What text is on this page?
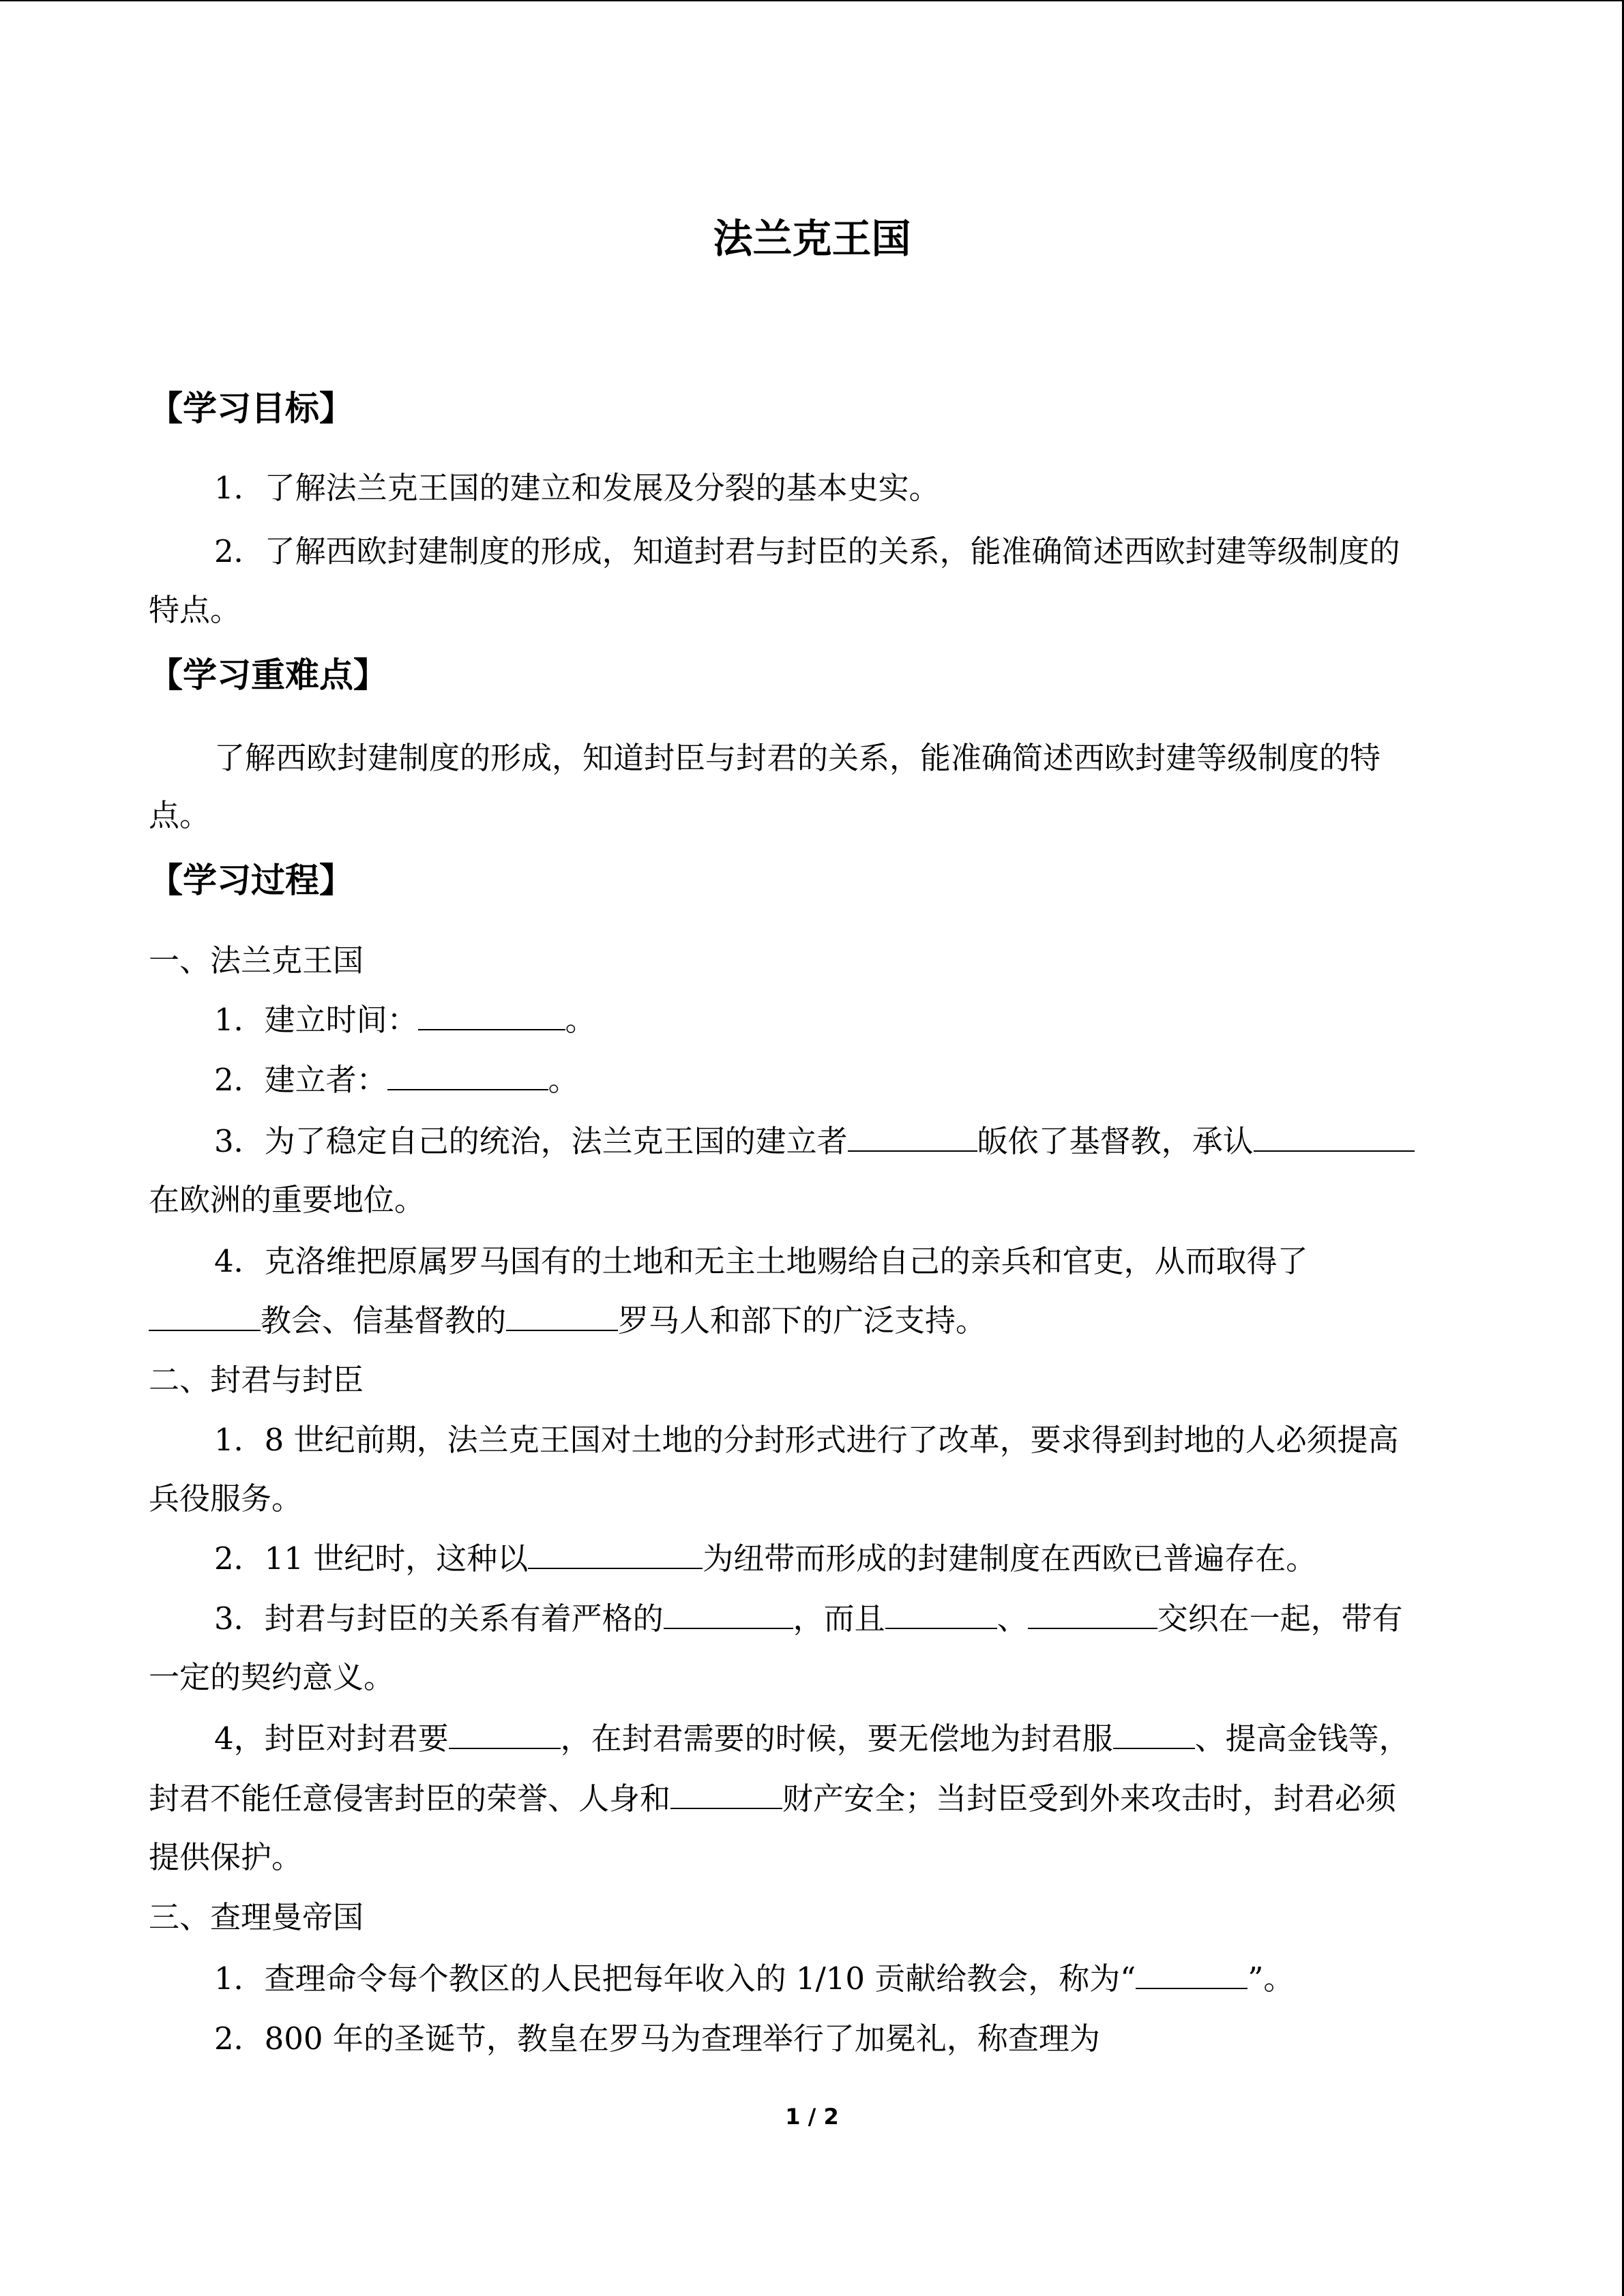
法兰克王国
【学习目标】

1．了解法兰克王国的建立和发展及分裂的基本史实。

2．了解西欧封建制度的形成，知道封君与封臣的关系，能准确简述西欧封建等级制度的

特点。

【学习重难点】

了解西欧封建制度的形成，知道封臣与封君的关系，能准确简述西欧封建等级制度的特

点。

【学习过程】

一、法兰克王国

1．建立时间：	。

2．建立者：	。

3．为了稳定自己的统治，法兰克王国的建立者	皈依了基督教，承认

在欧洲的重要地位。

4．克洛维把原属罗马国有的土地和无主土地赐给自己的亲兵和官吏，从而取得了

教会、信基督教的	罗马人和部下的广泛支持。

二、封君与封臣

1．8 世纪前期，法兰克王国对土地的分封形式进行了改革，要求得到封地的人必须提高

兵役服务。

2．11 世纪时，这种以	为纽带而形成的封建制度在西欧已普遍存在。

3．封君与封臣的关系有着严格的	，而且	、	交织在一起，带有

一定的契约意义。

4，封臣对封君要	，在封君需要的时候，要无偿地为封君服	、提高金钱等，

封君不能任意侵害封臣的荣誉、人身和	财产安全；当封臣受到外来攻击时，封君必须

提供保护。

三、查理曼帝国

1．查理命令每个教区的人民把每年收入的 1/10 贡献给教会，称为“	”。

2．800 年的圣诞节，教皇在罗马为查理举行了加冕礼，称查理为

1 / 2
